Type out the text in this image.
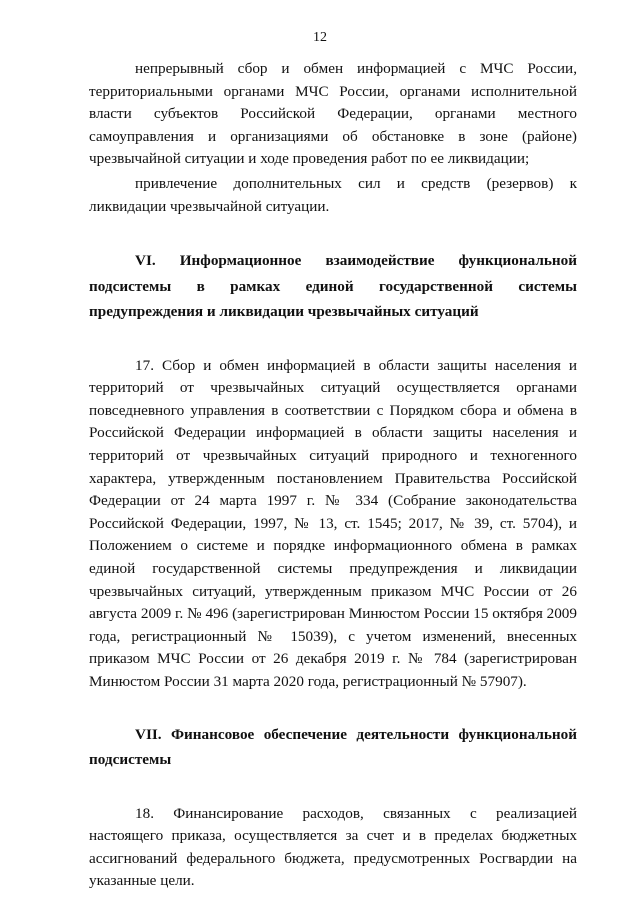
12

непрерывный сбор и обмен информацией с МЧС России, территориальными органами МЧС России, органами исполнительной власти субъектов Российской Федерации, органами местного самоуправления и организациями об обстановке в зоне (районе) чрезвычайной ситуации и ходе проведения работ по ее ликвидации;

привлечение дополнительных сил и средств (резервов) к ликвидации чрезвычайной ситуации.

VI. Информационное взаимодействие функциональной подсистемы в рамках единой государственной системы предупреждения и ликвидации чрезвычайных ситуаций

17. Сбор и обмен информацией в области защиты населения и территорий от чрезвычайных ситуаций осуществляется органами повседневного управления в соответствии с Порядком сбора и обмена в Российской Федерации информацией в области защиты населения и территорий от чрезвычайных ситуаций природного и техногенного характера, утвержденным постановлением Правительства Российской Федерации от 24 марта 1997 г. № 334 (Собрание законодательства Российской Федерации, 1997, № 13, ст. 1545; 2017, № 39, ст. 5704), и Положением о системе и порядке информационного обмена в рамках единой государственной системы предупреждения и ликвидации чрезвычайных ситуаций, утвержденным приказом МЧС России от 26 августа 2009 г. № 496 (зарегистрирован Минюстом России 15 октября 2009 года, регистрационный № 15039), с учетом изменений, внесенных приказом МЧС России от 26 декабря 2019 г. № 784 (зарегистрирован Минюстом России 31 марта 2020 года, регистрационный № 57907).

VII. Финансовое обеспечение деятельности функциональной подсистемы

18. Финансирование расходов, связанных с реализацией настоящего приказа, осуществляется за счет и в пределах бюджетных ассигнований федерального бюджета, предусмотренных Росгвардии на указанные цели.
